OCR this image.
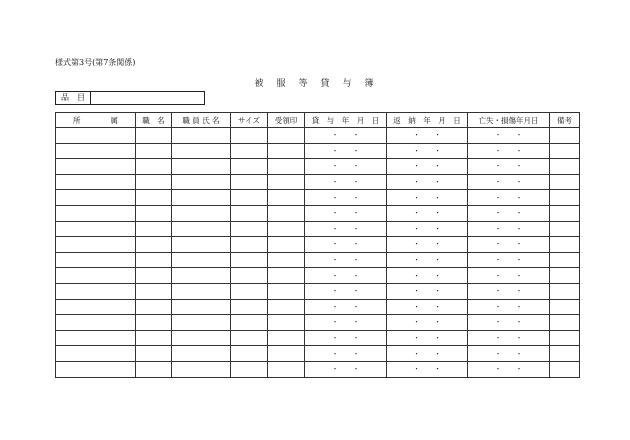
様式第3号(第7条関係)
被　服　等　貸　与　簿
品　目
所　　　　属	職　名	職 員 氏 名	サイズ	受領印	貸　与　年　月　日	返　納　年　月　日	亡失・損傷年月日	備考
					・　　・	・　　・	・　　・	
					・　　・	・　　・	・　　・	
					・　　・	・　　・	・　　・	
					・　　・	・　　・	・　　・	
					・　　・	・　　・	・　　・	
					・　　・	・　　・	・　　・	
					・　　・	・　　・	・　　・	
					・　　・	・　　・	・　　・	
					・　　・	・　　・	・　　・	
					・　　・	・　　・	・　　・	
					・　　・	・　　・	・　　・	
					・　　・	・　　・	・　　・	
					・　　・	・　　・	・　　・	
					・　　・	・　　・	・　　・	
					・　　・	・　　・	・　　・	
					・　　・	・　　・	・　　・	
